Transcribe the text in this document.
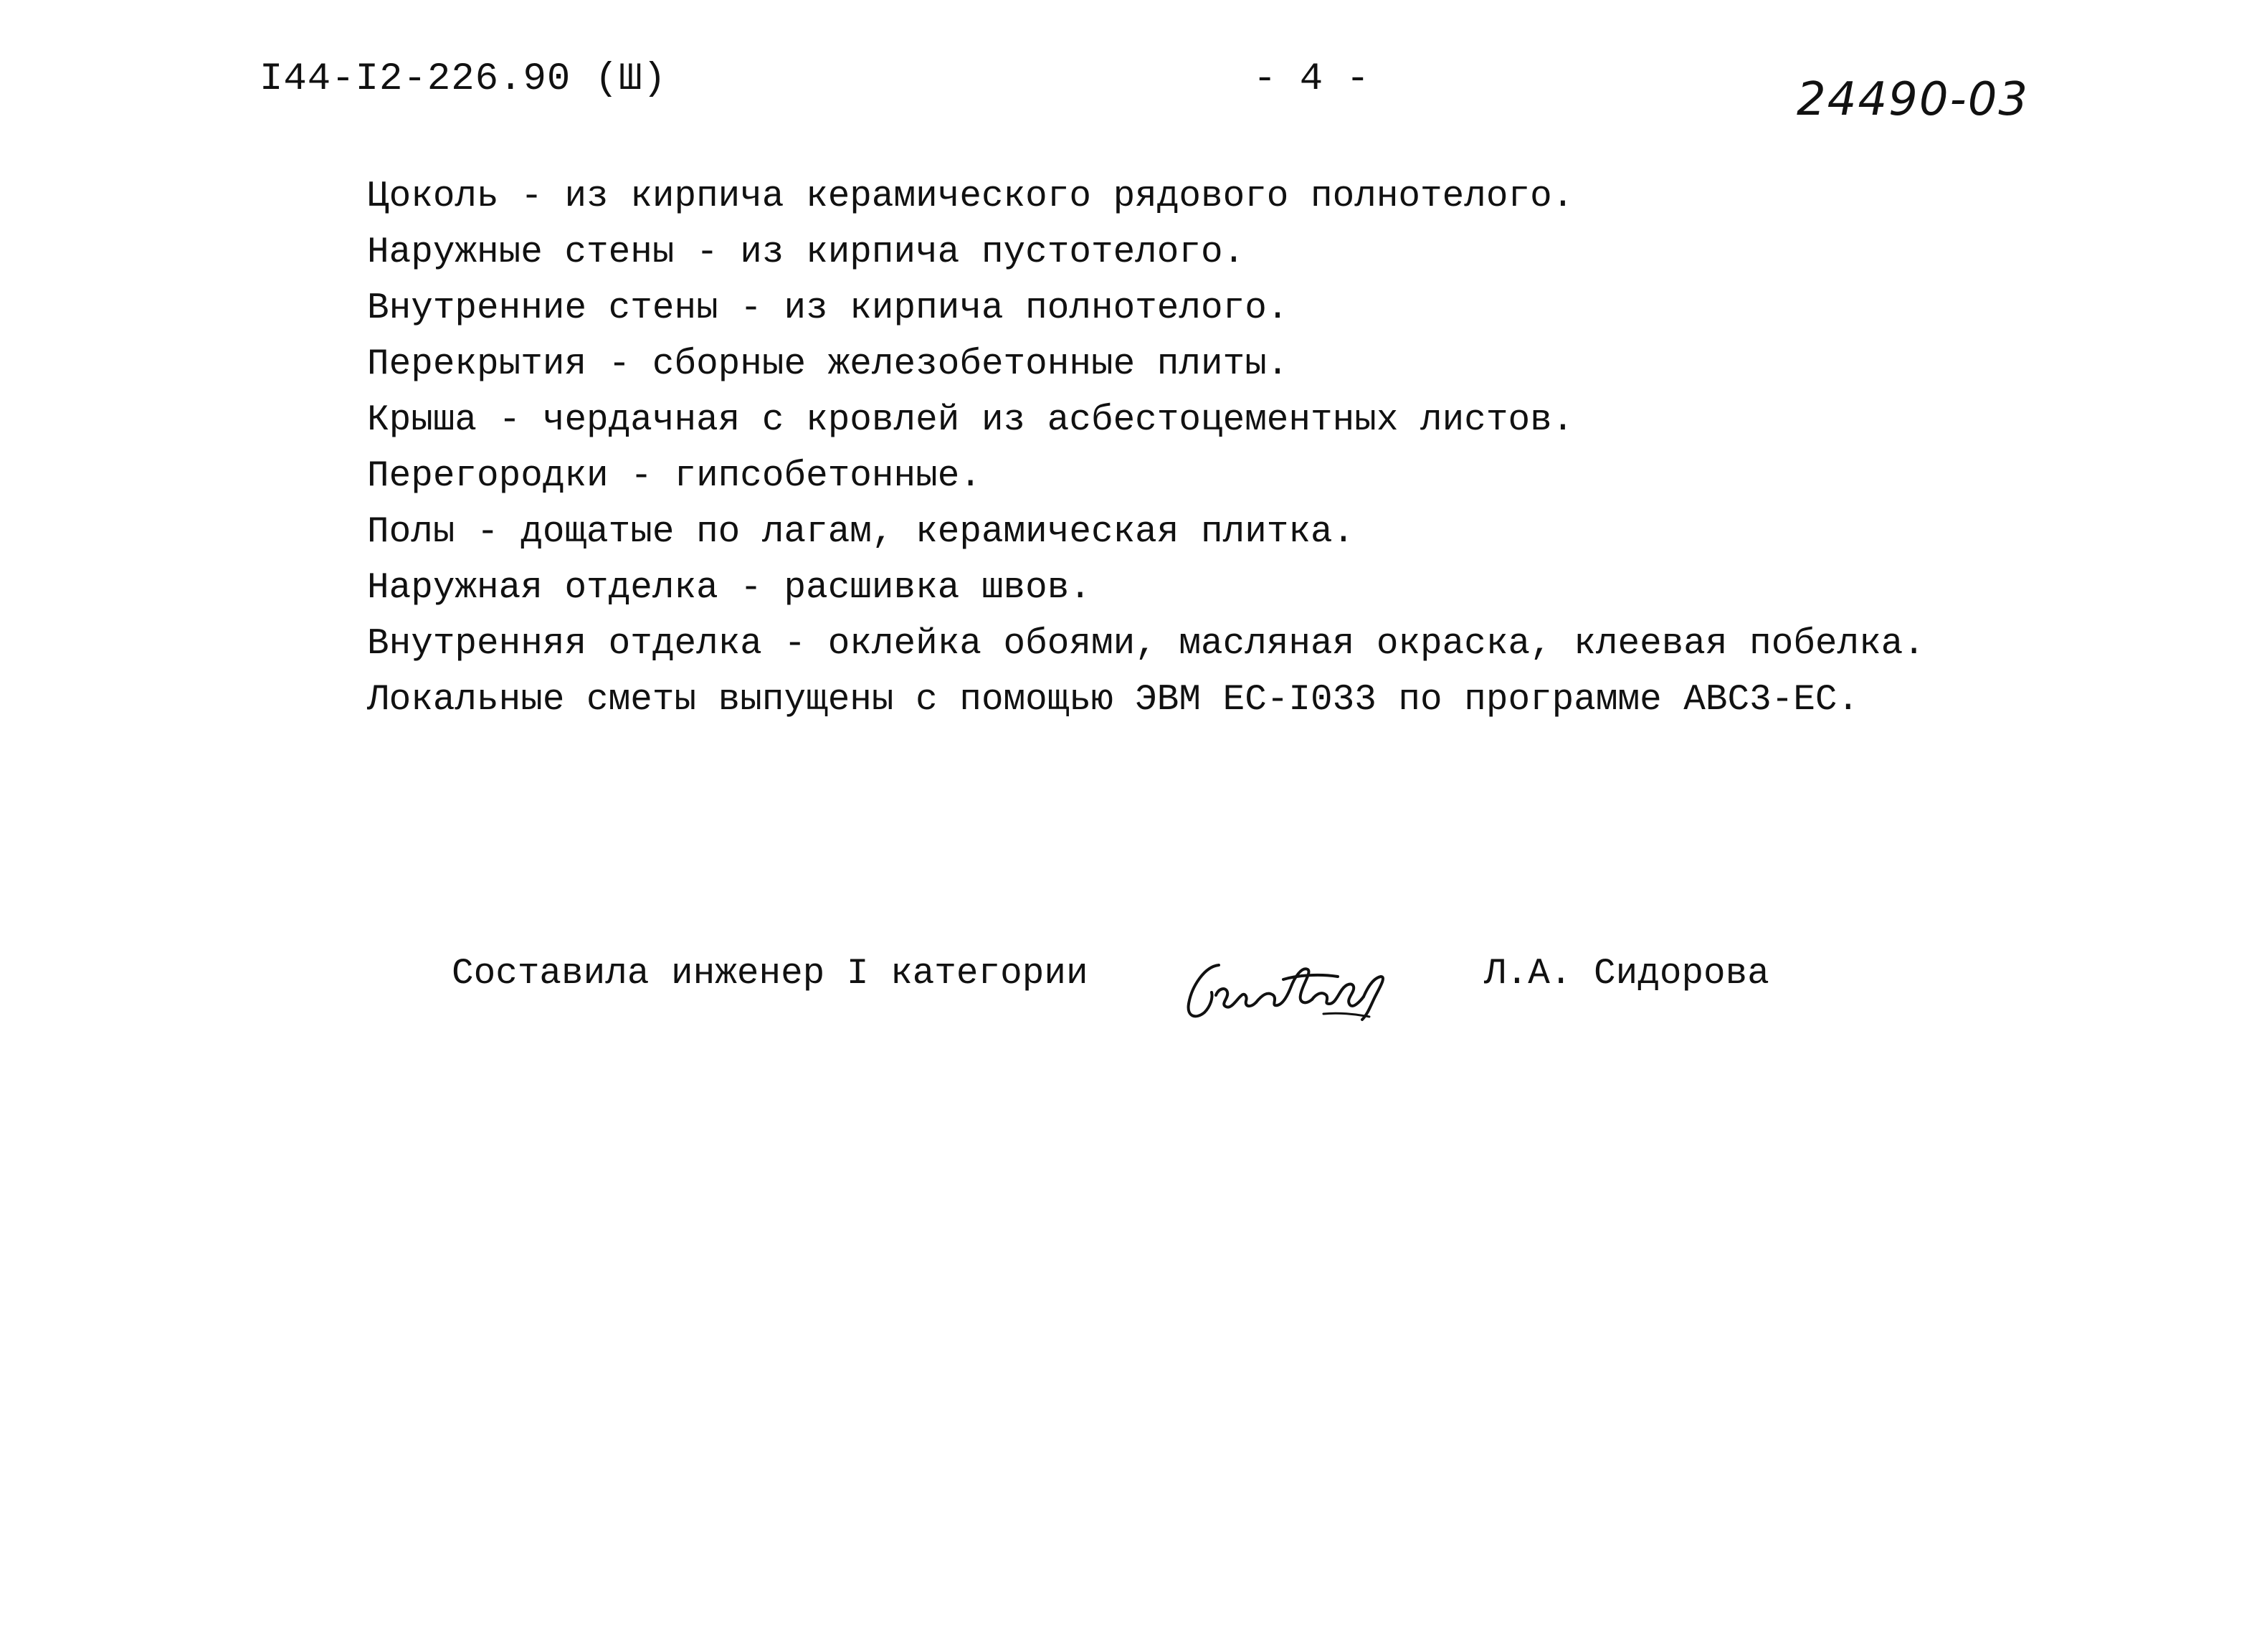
I44-I2-226.90 (Ш)	- 4 -	24490-03
Цоколь - из кирпича керамического рядового полнотелого.
Наружные стены - из кирпича пустотелого.
Внутренние стены - из кирпича полнотелого.
Перекрытия - сборные железобетонные плиты.
Крыша - чердачная с кровлей из асбестоцементных листов.
Перегородки - гипсобетонные.
Полы - дощатые по лагам, керамическая плитка.
Наружная отделка - расшивка швов.
Внутренняя отделка - оклейка обоями, масляная окраска, клеевая побелка.
Локальные сметы выпущены с помощью ЭВМ ЕС-I033 по программе АВС3-ЕС.
Составила инженер I категории	Л.А. Сидорова
